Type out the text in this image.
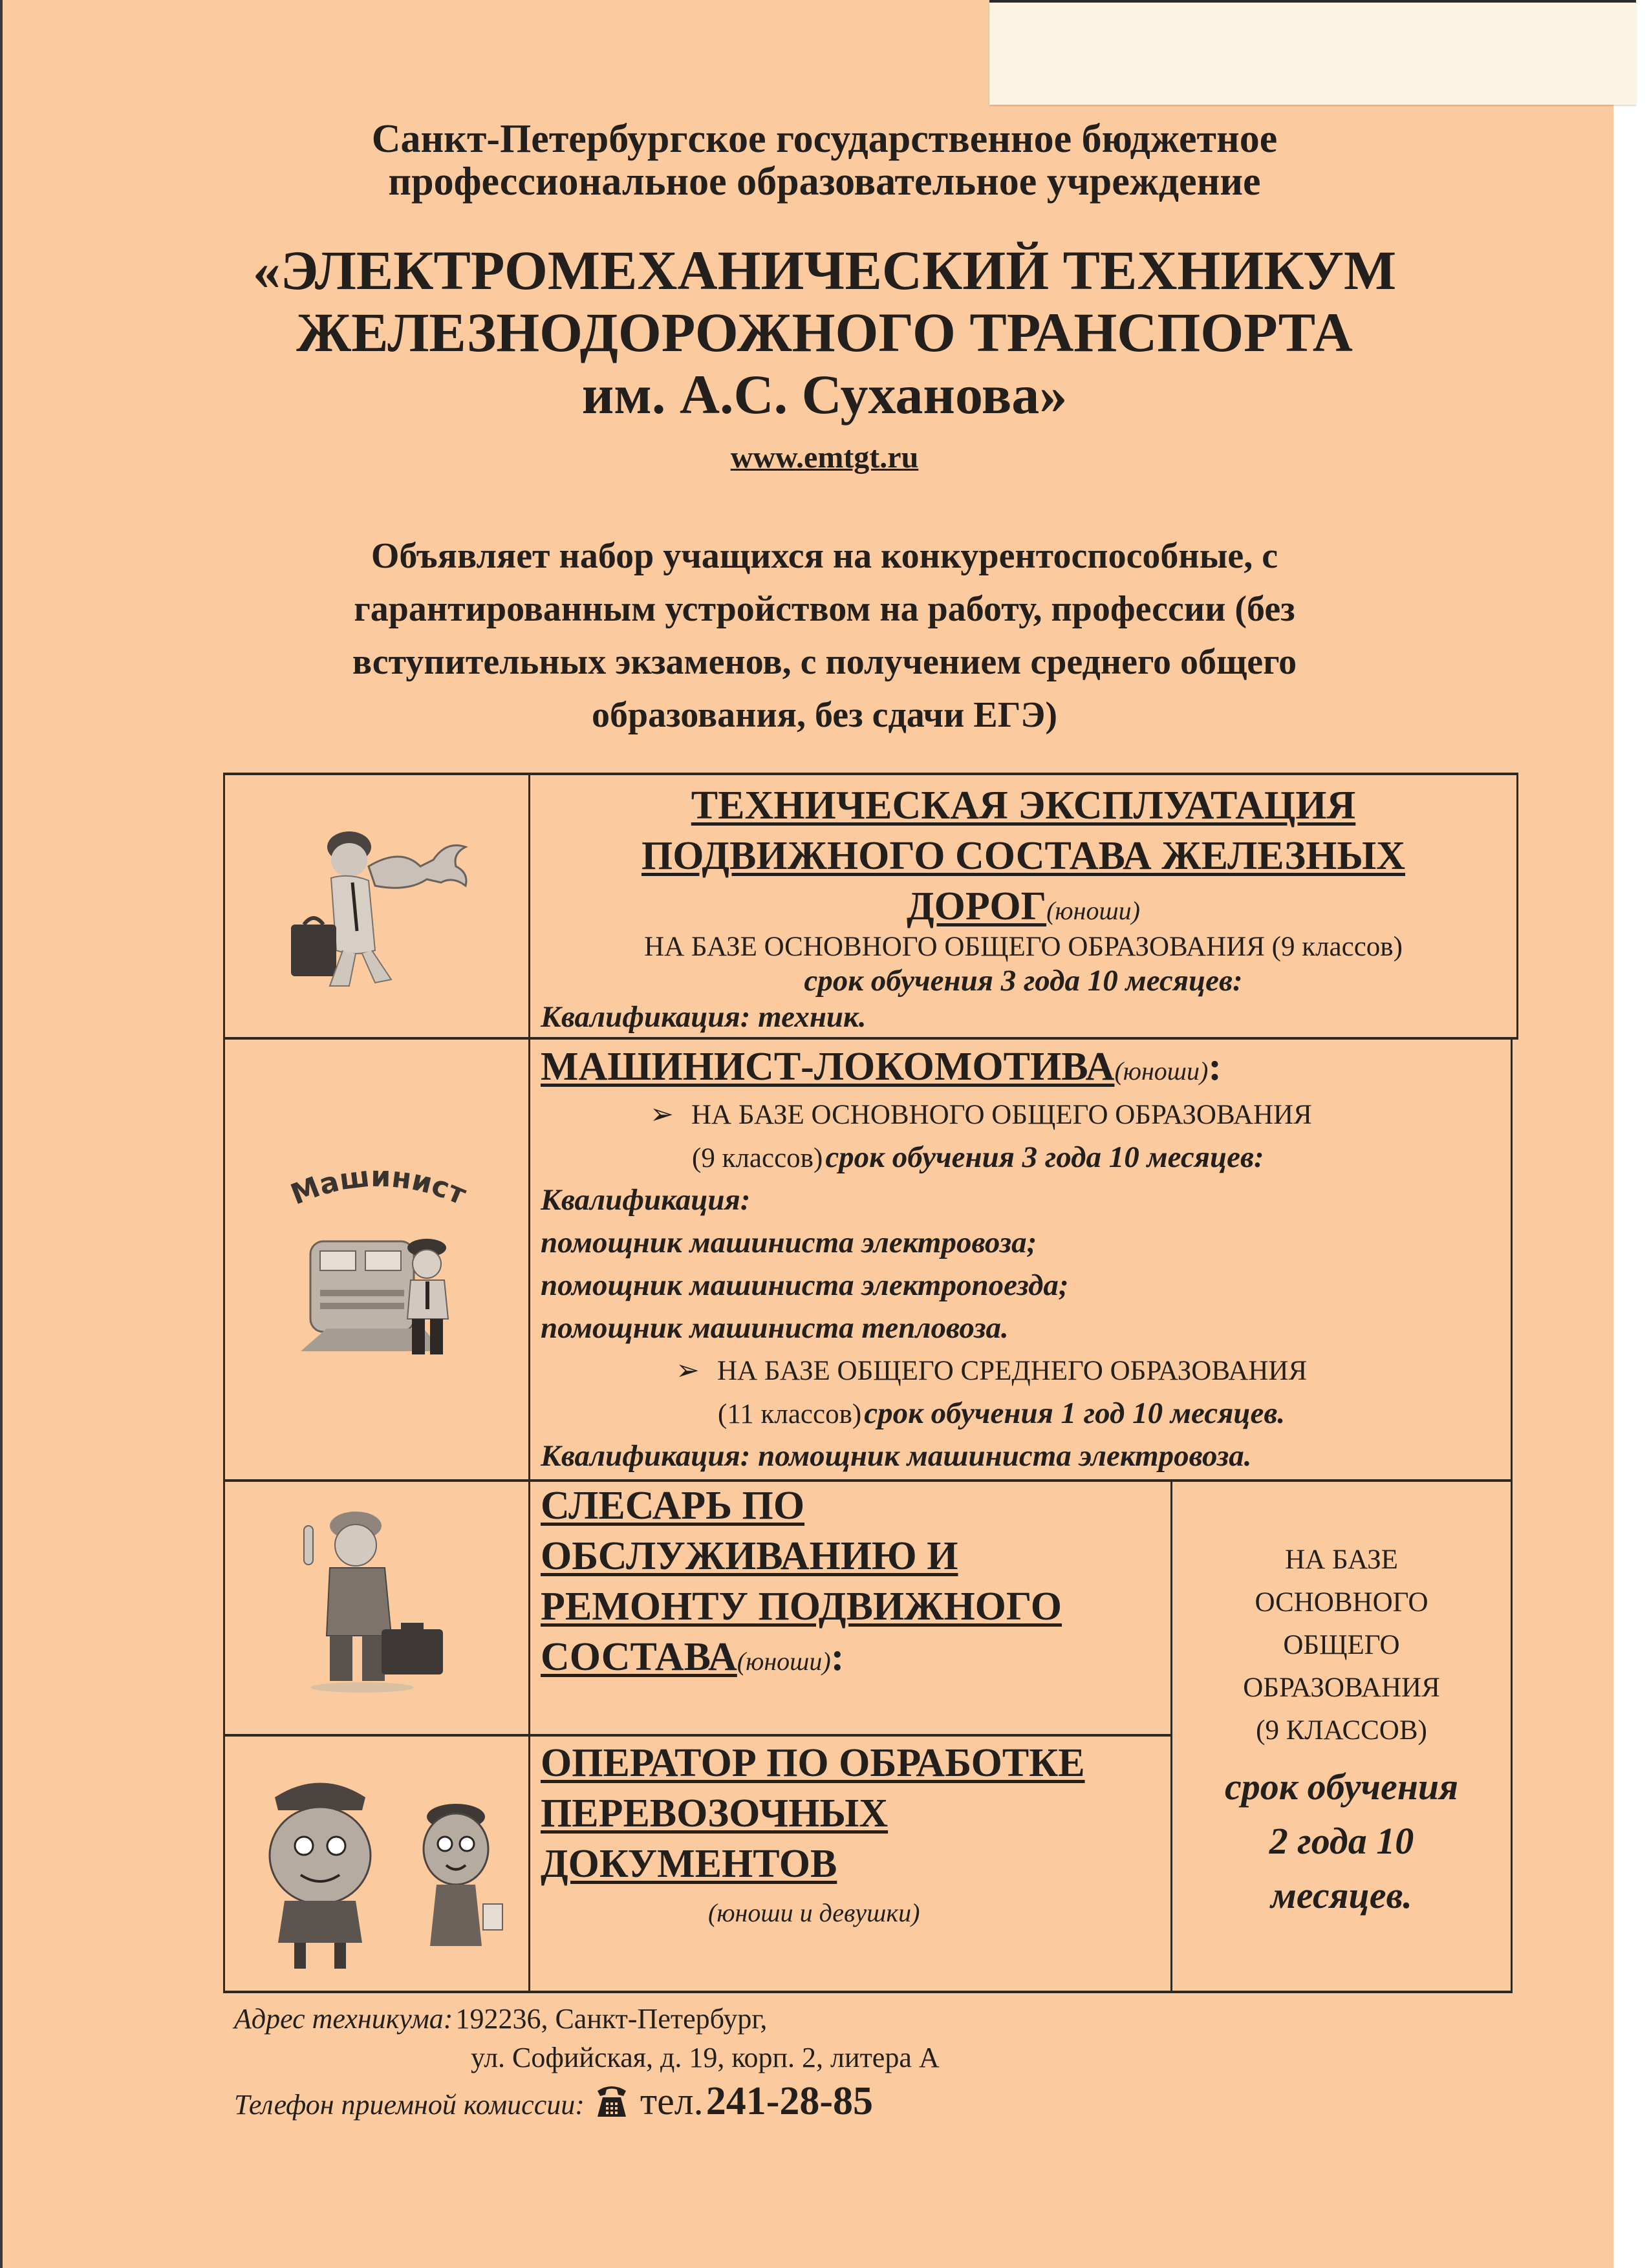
Санкт-Петербургское государственное бюджетное
профессиональное образовательное учреждение
«ЭЛЕКТРОМЕХАНИЧЕСКИЙ ТЕХНИКУМ
ЖЕЛЕЗНОДОРОЖНОГО ТРАНСПОРТА
им. А.С. Суханова»
www.emtgt.ru
Объявляет набор учащихся на конкурентоспособные, с
гарантированным устройством на работу, профессии (без
вступительных экзаменов, с получением среднего общего
образования, без сдачи ЕГЭ)
ТЕХНИЧЕСКАЯ ЭКСПЛУАТАЦИЯ
ПОДВИЖНОГО СОСТАВА ЖЕЛЕЗНЫХ
ДОРОГ(юноши)
НА БАЗЕ ОСНОВНОГО ОБЩЕГО ОБРАЗОВАНИЯ (9 классов)
срок обучения 3 года 10 месяцев:
Квалификация: техник.
Машинист
МАШИНИСТ-ЛОКОМОТИВА(юноши):
➢ НА БАЗЕ ОСНОВНОГО ОБЩЕГО ОБРАЗОВАНИЯ
(9 классов) срок обучения 3 года 10 месяцев:
Квалификация:
помощник машиниста электровоза;
помощник машиниста электропоезда;
помощник машиниста тепловоза.
➢ НА БАЗЕ ОБЩЕГО СРЕДНЕГО ОБРАЗОВАНИЯ
(11 классов) срок обучения 1 год 10 месяцев.
Квалификация: помощник машиниста электровоза.
СЛЕСАРЬ ПО
ОБСЛУЖИВАНИЮ И
РЕМОНТУ ПОДВИЖНОГО
СОСТАВА(юноши):
ОПЕРАТОР ПО ОБРАБОТКЕ
ПЕРЕВОЗОЧНЫХ
ДОКУМЕНТОВ
(юноши и девушки)
НА БАЗЕ
ОСНОВНОГО
ОБЩЕГО
ОБРАЗОВАНИЯ
(9 КЛАССОВ)
срок обучения
2 года 10
месяцев.
Адрес техникума: 192236, Санкт-Петербург,
ул. Софийская, д. 19, корп. 2, литера А
Телефон приемной комиссии: тел. 241-28-85
